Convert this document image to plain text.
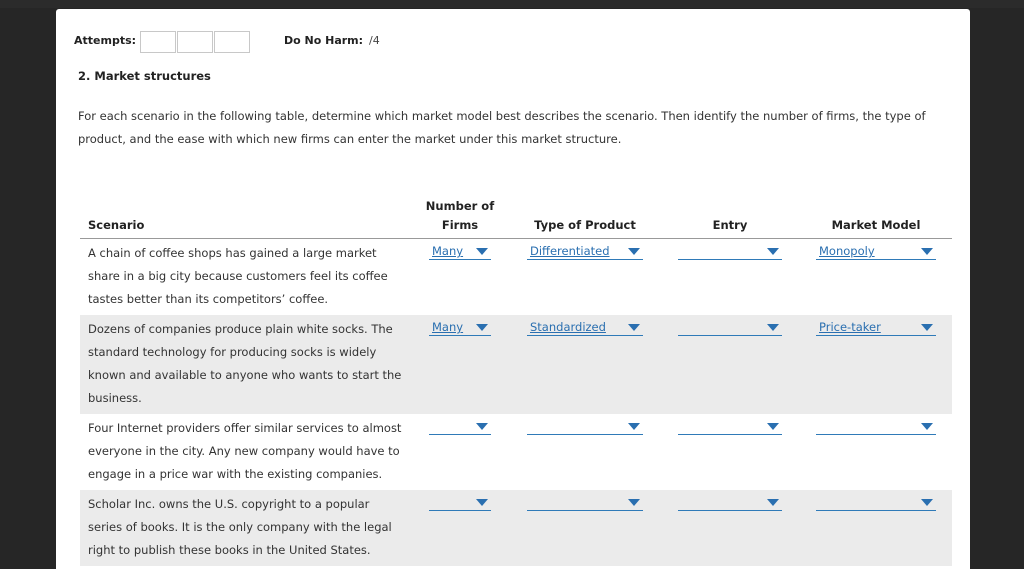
Attempts:	Do No Harm: /4
2. Market structures
For each scenario in the following table, determine which market model best describes the scenario. Then identify the number of firms, the type of product, and the ease with which new firms can enter the market under this market structure.
Scenario	Number of
Firms	Type of Product	Entry	Market Model
A chain of coffee shops has gained a large market share in a big city because customers feel its coffee tastes better than its competitors’ coffee.	Many	Differentiated		Monopoly

Dozens of companies produce plain white socks. The standard technology for producing socks is widely known and available to anyone who wants to start the business.	Many	Standardized		Price-taker

Four Internet providers offer similar services to almost everyone in the city. Any new company would have to engage in a price war with the existing companies.	

Scholar Inc. owns the U.S. copyright to a popular series of books. It is the only company with the legal right to publish these books in the United States.	
